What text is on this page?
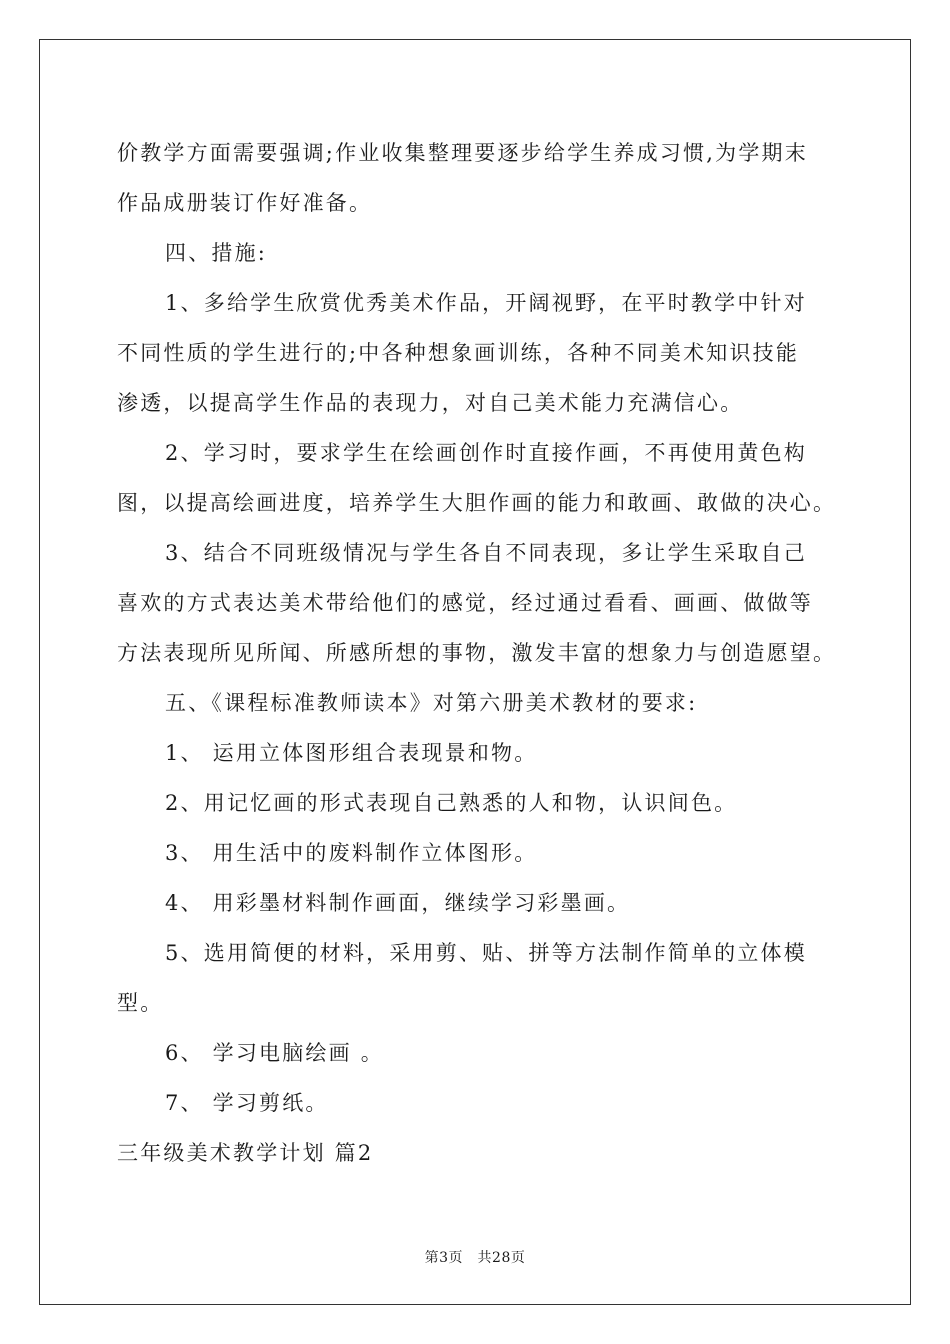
价教学方面需要强调;作业收集整理要逐步给学生养成习惯,为学期末
作品成册装订作好准备。
四、措施:
1、多给学生欣赏优秀美术作品，开阔视野，在平时教学中针对
不同性质的学生进行的;中各种想象画训练，各种不同美术知识技能
渗透，以提高学生作品的表现力，对自己美术能力充满信心。
2、学习时，要求学生在绘画创作时直接作画，不再使用黄色构
图，以提高绘画进度，培养学生大胆作画的能力和敢画、敢做的决心。
3、结合不同班级情况与学生各自不同表现，多让学生采取自己
喜欢的方式表达美术带给他们的感觉，经过通过看看、画画、做做等
方法表现所见所闻、所感所想的事物，激发丰富的想象力与创造愿望。
五、《课程标准教师读本》对第六册美术教材的要求:
1、 运用立体图形组合表现景和物。
2、用记忆画的形式表现自己熟悉的人和物，认识间色。
3、 用生活中的废料制作立体图形。
4、 用彩墨材料制作画面，继续学习彩墨画。
5、选用简便的材料，采用剪、贴、拼等方法制作简单的立体模
型。
6、 学习电脑绘画 。
7、 学习剪纸。
三年级美术教学计划 篇2
第3页　共28页
